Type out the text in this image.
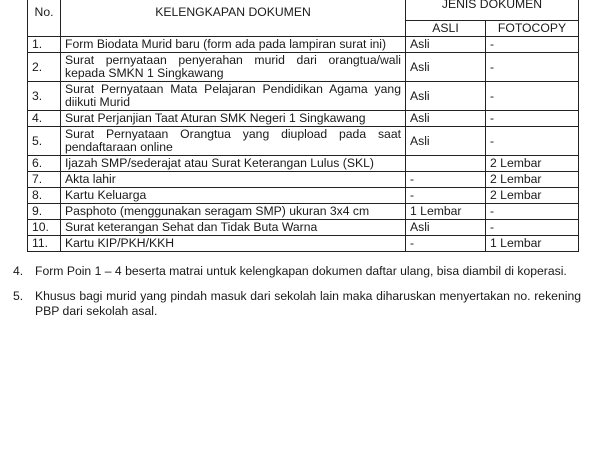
No.	KELENGKAPAN DOKUMEN	JENIS DOKUMEN	
		ASLI	FOTOCOPY
1.	Form Biodata Murid baru (form ada pada lampiran surat ini)	Asli	-
2.	Surat pernyataan penyerahan murid dari orangtua/wali kepada SMKN 1 Singkawang	Asli	-
3.	Surat Pernyataan Mata Pelajaran Pendidikan Agama yang diikuti Murid	Asli	-
4.	Surat Perjanjian Taat Aturan SMK Negeri 1 Singkawang	Asli	-
5.	Surat Pernyataan Orangtua yang diupload pada saat pendaftaraan online	Asli	-
6.	Ijazah SMP/sederajat atau Surat Keterangan Lulus (SKL)		2 Lembar
7.	Akta lahir	-	2 Lembar
8.	Kartu Keluarga	-	2 Lembar
9.	Pasphoto (menggunakan seragam SMP) ukuran 3x4 cm	1 Lembar	-
10.	Surat keterangan Sehat dan Tidak Buta Warna	Asli	-
11.	Kartu KIP/PKH/KKH	-	1 Lembar
4. Form Poin 1 – 4 beserta matrai untuk kelengkapan dokumen daftar ulang, bisa diambil di koperasi.
5. Khusus bagi murid yang pindah masuk dari sekolah lain maka diharuskan menyertakan no. rekening PBP dari sekolah asal.
